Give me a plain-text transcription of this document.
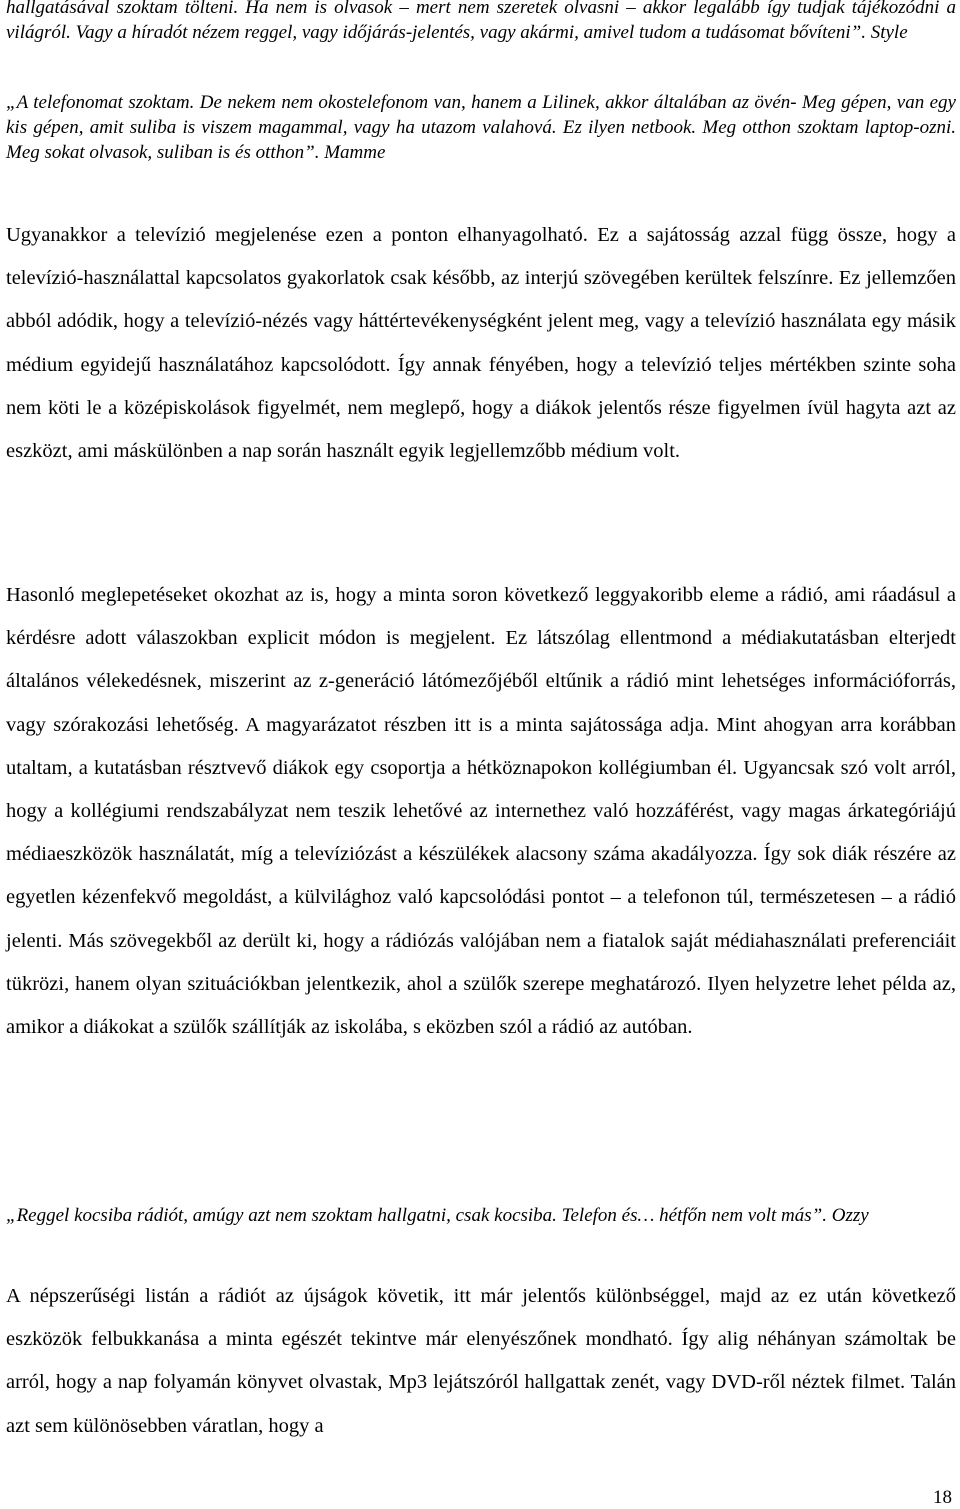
hallgatásával szoktam tölteni. Ha nem is olvasok – mert nem szeretek olvasni – akkor legalább így tudjak tájékozódni a világról. Vagy a híradót nézem reggel, vagy időjárás-jelentés, vagy akármi, amivel tudom a tudásomat bővíteni”. Style

„A telefonomat szoktam. De nekem nem okostelefonom van, hanem a Lilinek, akkor általában az övén- Meg gépen, van egy kis gépen, amit suliba is viszem magammal, vagy ha utazom valahová. Ez ilyen netbook. Meg otthon szoktam laptop-ozni. Meg sokat olvasok, suliban is és otthon”. Mamme

Ugyanakkor a televízió megjelenése ezen a ponton elhanyagolható. Ez a sajátosság azzal függ össze, hogy a televízió-használattal kapcsolatos gyakorlatok csak később, az interjú szövegében kerültek felszínre. Ez jellemzően abból adódik, hogy a televízió-nézés vagy háttértevékenységként jelent meg, vagy a televízió használata egy másik médium egyidejű használatához kapcsolódott. Így annak fényében, hogy a televízió teljes mértékben szinte soha nem köti le a középiskolások figyelmét, nem meglepő, hogy a diákok jelentős része figyelmen ívül hagyta azt az eszközt, ami máskülönben a nap során használt egyik legjellemzőbb médium volt.

Hasonló meglepetéseket okozhat az is, hogy a minta soron következő leggyakoribb eleme a rádió, ami ráadásul a kérdésre adott válaszokban explicit módon is megjelent. Ez látszólag ellentmond a médiakutatásban elterjedt általános vélekedésnek, miszerint az z-generáció látómezőjéből eltűnik a rádió mint lehetséges információforrás, vagy szórakozási lehetőség. A magyarázatot részben itt is a minta sajátossága adja. Mint ahogyan arra korábban utaltam, a kutatásban résztvevő diákok egy csoportja a hétköznapokon kollégiumban él. Ugyancsak szó volt arról, hogy a kollégiumi rendszabályzat nem teszik lehetővé az internethez való hozzáférést, vagy magas árkategóriájú médiaeszközök használatát, míg a televíziózást a készülékek alacsony száma akadályozza. Így sok diák részére az egyetlen kézenfekvő megoldást, a külvilághoz való kapcsolódási pontot – a telefonon túl, természetesen – a rádió jelenti. Más szövegekből az derült ki, hogy a rádiózás valójában nem a fiatalok saját médiahasználati preferenciáit tükrözi, hanem olyan szituációkban jelentkezik, ahol a szülők szerepe meghatározó. Ilyen helyzetre lehet példa az, amikor a diákokat a szülők szállítják az iskolába, s eközben szól a rádió az autóban.

„Reggel kocsiba rádiót, amúgy azt nem szoktam hallgatni, csak kocsiba. Telefon és… hétfőn nem volt más”. Ozzy

A népszerűségi listán a rádiót az újságok követik, itt már jelentős különbséggel, majd az ez után következő eszközök felbukkanása a minta egészét tekintve már elenyészőnek mondható. Így alig néhányan számoltak be arról, hogy a nap folyamán könyvet olvastak, Mp3 lejátszóról hallgattak zenét, vagy DVD-ről néztek filmet. Talán azt sem különösebben váratlan, hogy a

18
